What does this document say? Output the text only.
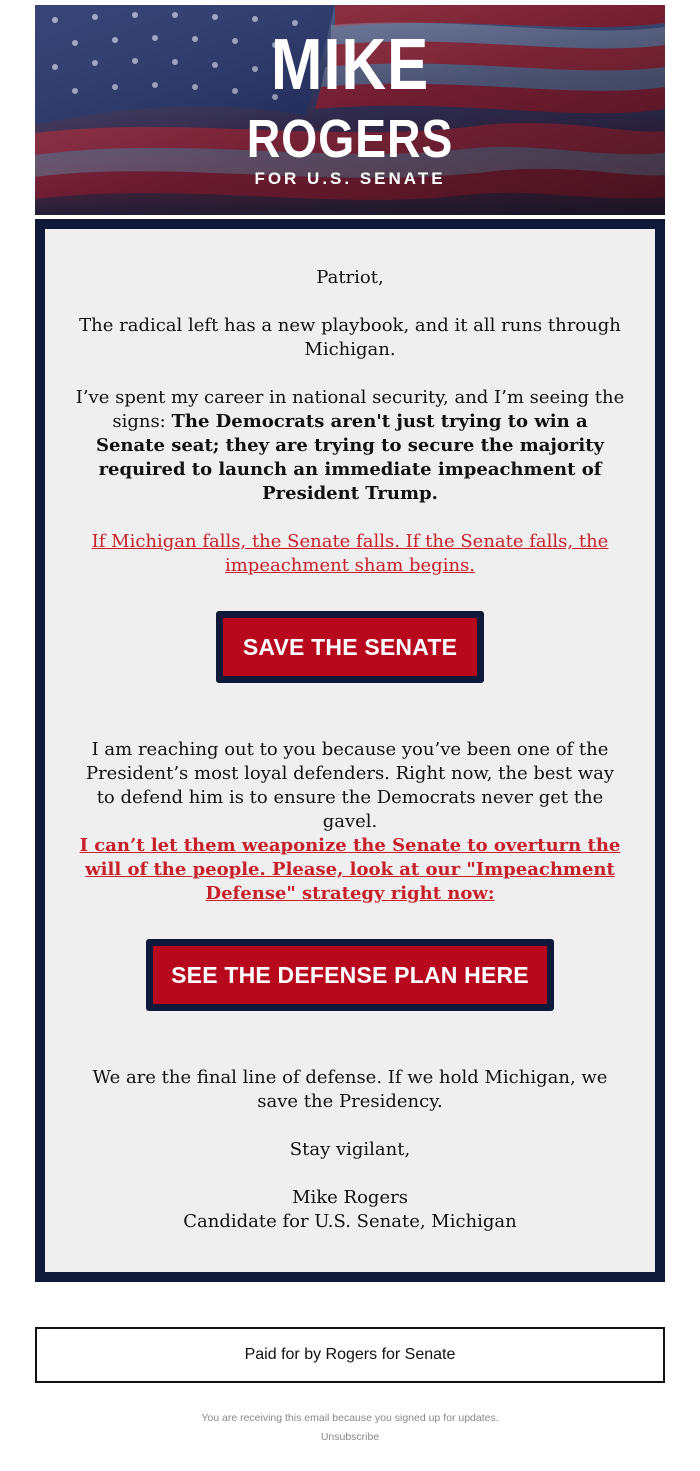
MIKE
ROGERS
FOR U.S. SENATE

Patriot,

The radical left has a new playbook, and it all runs through Michigan.

I’ve spent my career in national security, and I’m seeing the signs: The Democrats aren't just trying to win a Senate seat; they are trying to secure the majority required to launch an immediate impeachment of President Trump.

If Michigan falls, the Senate falls. If the Senate falls, the impeachment sham begins.

SAVE THE SENATE

I am reaching out to you because you’ve been one of the President’s most loyal defenders. Right now, the best way to defend him is to ensure the Democrats never get the gavel.

I can’t let them weaponize the Senate to overturn the will of the people. Please, look at our "Impeachment Defense" strategy right now:

SEE THE DEFENSE PLAN HERE

We are the final line of defense. If we hold Michigan, we save the Presidency.

Stay vigilant,

Mike Rogers

Candidate for U.S. Senate, Michigan

Paid for by Rogers for Senate
You are receiving this email because you signed up for updates.
Unsubscribe
